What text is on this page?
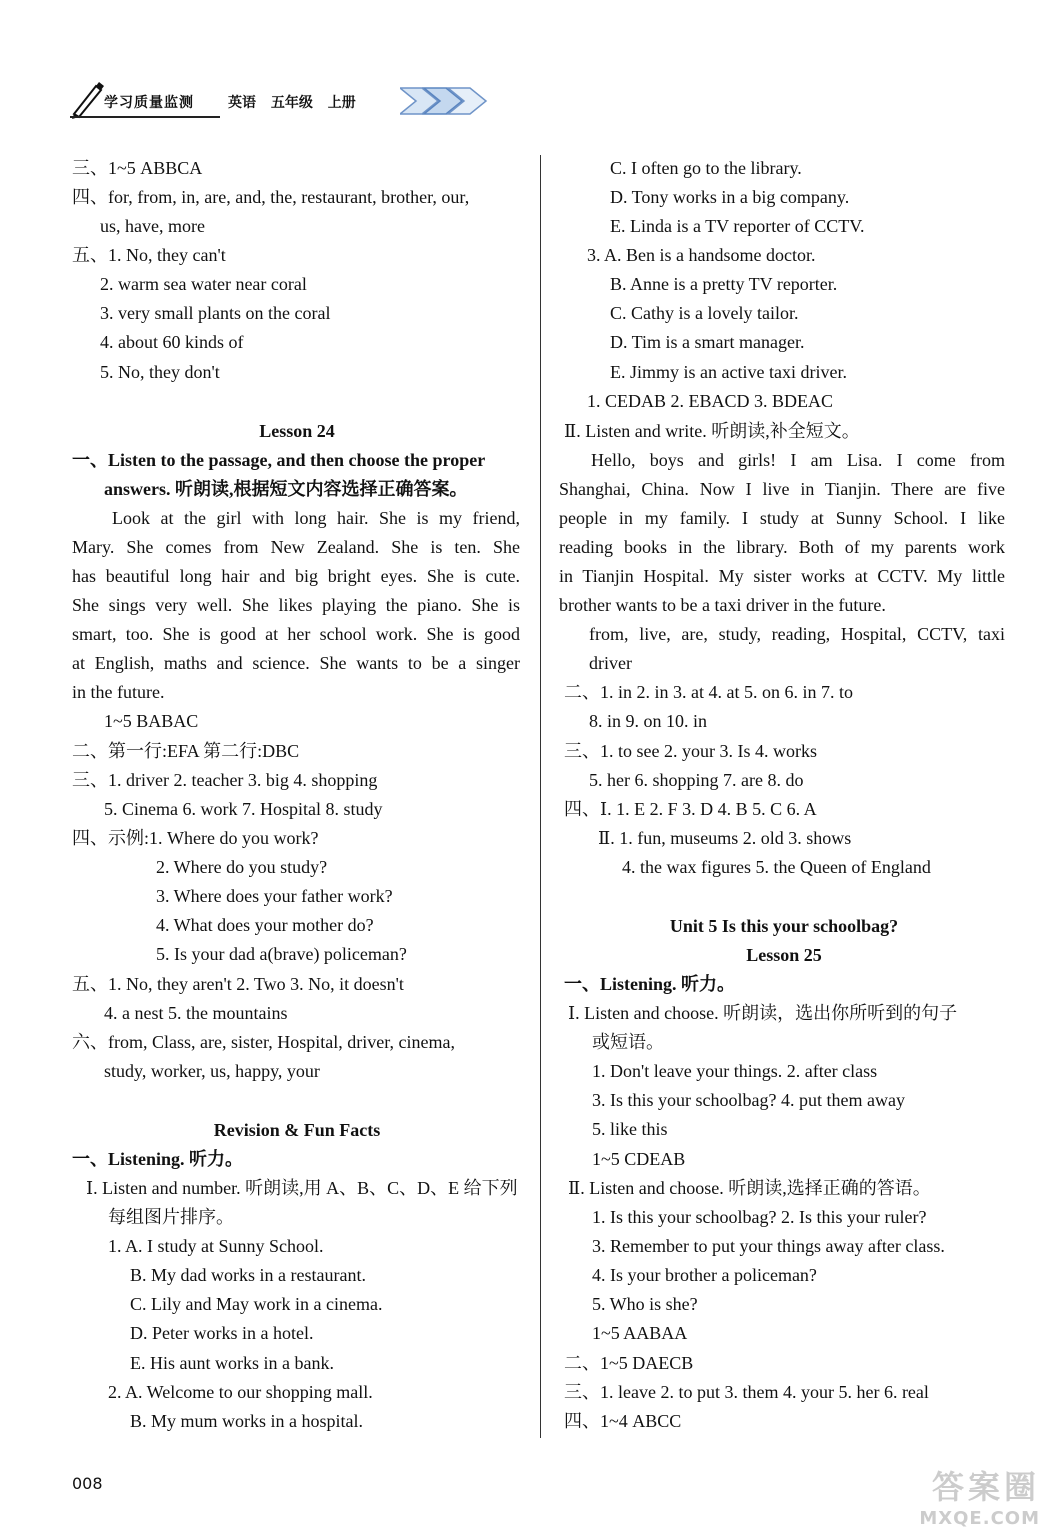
学习质量监测 英语 五年级 上册
三、1~5 ABBCA
四、for, from, in, are, and, the, restaurant, brother, our,
us, have, more
五、1. No, they can't
2. warm sea water near coral
3. very small plants on the coral
4. about 60 kinds of
5. No, they don't
Lesson 24
一、Listen to the passage, and then choose the proper
answers. 听朗读,根据短文内容选择正确答案。
Look at the girl with long hair. She is my friend,
Mary. She comes from New Zealand. She is ten. She
has beautiful long hair and big bright eyes. She is cute.
She sings very well. She likes playing the piano. She is
smart, too. She is good at her school work. She is good
at English, maths and science. She wants to be a singer
in the future.
1~5 BABAC
二、第一行:EFA 第二行:DBC
三、1. driver 2. teacher 3. big 4. shopping
5. Cinema 6. work 7. Hospital 8. study
四、示例:1. Where do you work?
2. Where do you study?
3. Where does your father work?
4. What does your mother do?
5. Is your dad a(brave) policeman?
五、1. No, they aren't 2. Two 3. No, it doesn't
4. a nest 5. the mountains
六、from, Class, are, sister, Hospital, driver, cinema,
study, worker, us, happy, your
Revision & Fun Facts
一、Listening. 听力。
Ⅰ. Listen and number. 听朗读,用 A、B、C、D、E 给下列
每组图片排序。
1. A. I study at Sunny School.
B. My dad works in a restaurant.
C. Lily and May work in a cinema.
D. Peter works in a hotel.
E. His aunt works in a bank.
2. A. Welcome to our shopping mall.
B. My mum works in a hospital.
C. I often go to the library.
D. Tony works in a big company.
E. Linda is a TV reporter of CCTV.
3. A. Ben is a handsome doctor.
B. Anne is a pretty TV reporter.
C. Cathy is a lovely tailor.
D. Tim is a smart manager.
E. Jimmy is an active taxi driver.
1. CEDAB 2. EBACD 3. BDEAC
Ⅱ. Listen and write. 听朗读,补全短文。
Hello, boys and girls! I am Lisa. I come from
Shanghai, China. Now I live in Tianjin. There are five
people in my family. I study at Sunny School. I like
reading books in the library. Both of my parents work
in Tianjin Hospital. My sister works at CCTV. My little
brother wants to be a taxi driver in the future.
from, live, are, study, reading, Hospital, CCTV, taxi
driver
二、1. in 2. in 3. at 4. at 5. on 6. in 7. to
8. in 9. on 10. in
三、1. to see 2. your 3. Is 4. works
5. her 6. shopping 7. are 8. do
四、Ⅰ. 1. E 2. F 3. D 4. B 5. C 6. A
Ⅱ. 1. fun, museums 2. old 3. shows
4. the wax figures 5. the Queen of England
Unit 5 Is this your schoolbag?
Lesson 25
一、Listening. 听力。
Ⅰ. Listen and choose. 听朗读，选出你所听到的句子
或短语。
1. Don't leave your things. 2. after class
3. Is this your schoolbag? 4. put them away
5. like this
1~5 CDEAB
Ⅱ. Listen and choose. 听朗读,选择正确的答语。
1. Is this your schoolbag? 2. Is this your ruler?
3. Remember to put your things away after class.
4. Is your brother a policeman?
5. Who is she?
1~5 AABAA
二、1~5 DAECB
三、1. leave 2. to put 3. them 4. your 5. her 6. real
四、1~4 ABCC
008	答案圈
MXQE.COM
